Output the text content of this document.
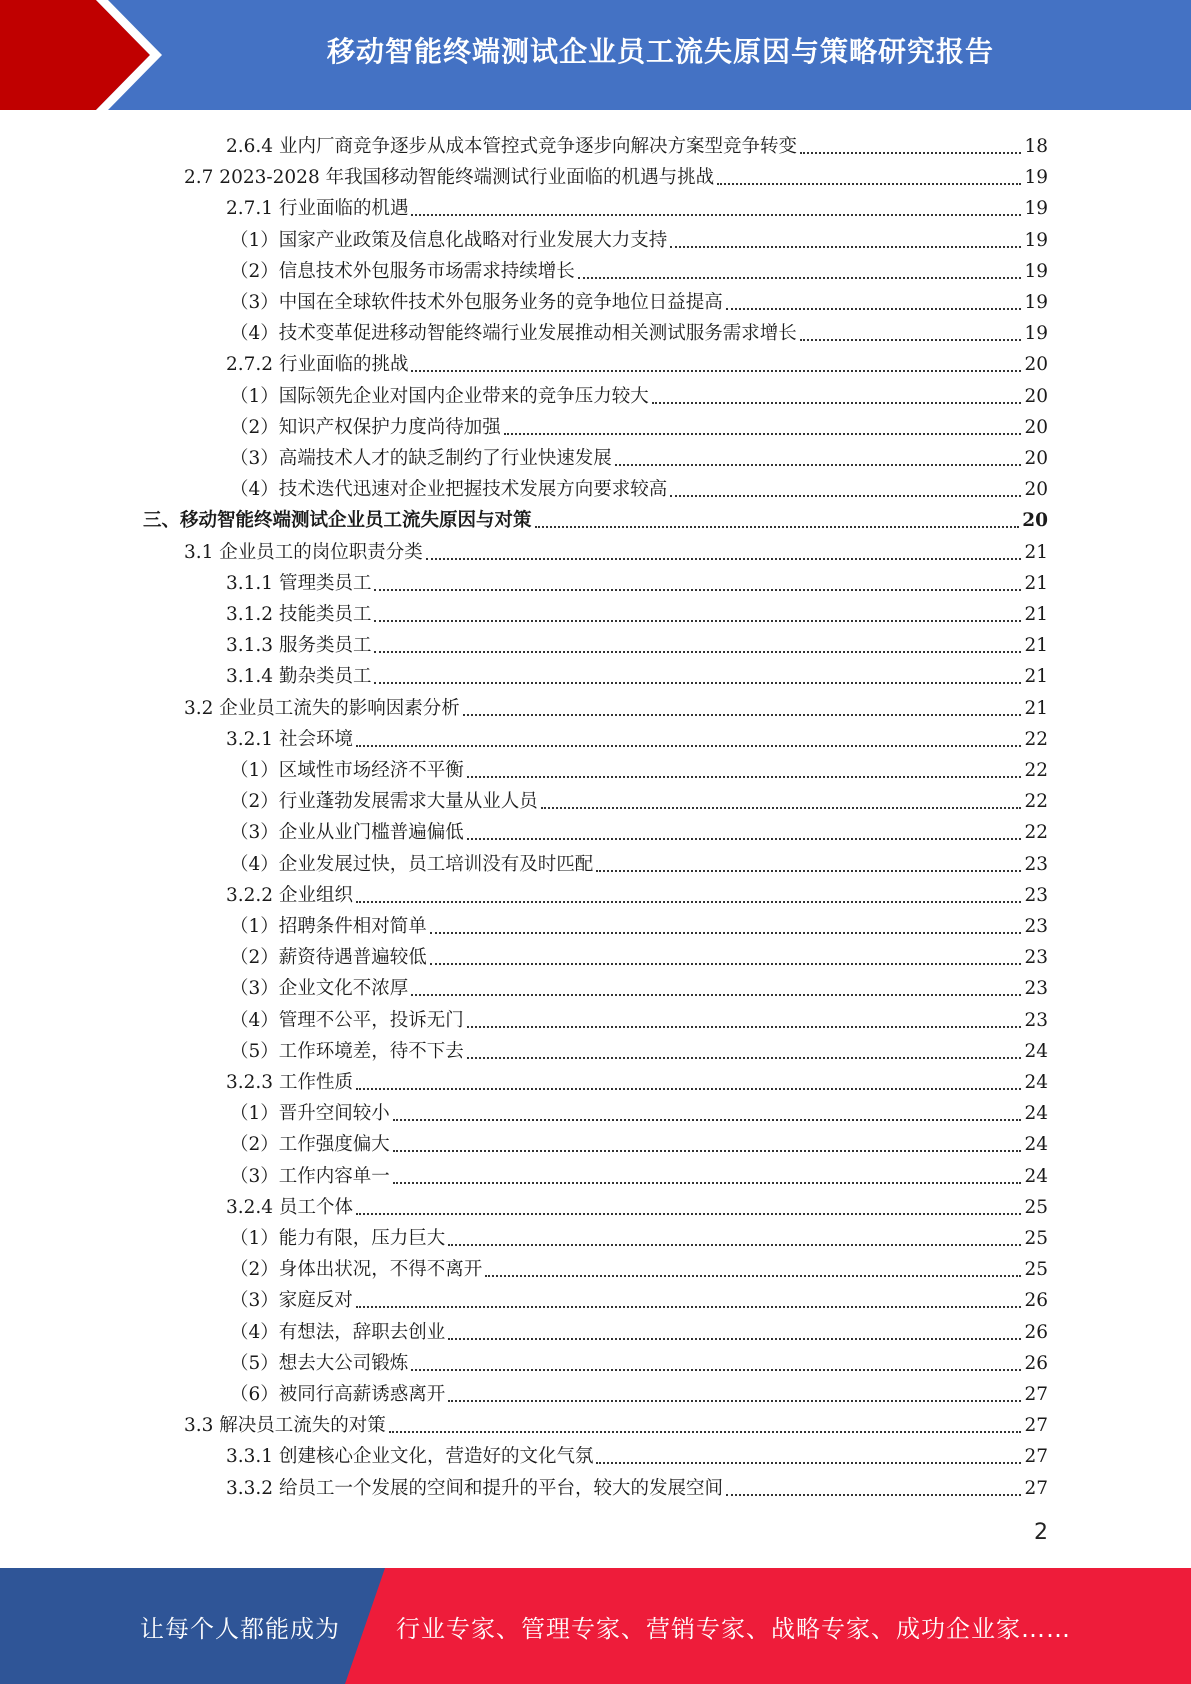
移动智能终端测试企业员工流失原因与策略研究报告
2.6.4 业内厂商竞争逐步从成本管控式竞争逐步向解决方案型竞争转变	18
2.7 2023-2028 年我国移动智能终端测试行业面临的机遇与挑战	19
2.7.1 行业面临的机遇	19
（1）国家产业政策及信息化战略对行业发展大力支持	19
（2）信息技术外包服务市场需求持续增长	19
（3）中国在全球软件技术外包服务业务的竞争地位日益提高	19
（4）技术变革促进移动智能终端行业发展推动相关测试服务需求增长	19
2.7.2 行业面临的挑战	20
（1）国际领先企业对国内企业带来的竞争压力较大	20
（2）知识产权保护力度尚待加强	20
（3）高端技术人才的缺乏制约了行业快速发展	20
（4）技术迭代迅速对企业把握技术发展方向要求较高	20
三、移动智能终端测试企业员工流失原因与对策	20
3.1 企业员工的岗位职责分类	21
3.1.1 管理类员工	21
3.1.2 技能类员工	21
3.1.3 服务类员工	21
3.1.4 勤杂类员工	21
3.2 企业员工流失的影响因素分析	21
3.2.1 社会环境	22
（1）区域性市场经济不平衡	22
（2）行业蓬勃发展需求大量从业人员	22
（3）企业从业门槛普遍偏低	22
（4）企业发展过快，员工培训没有及时匹配	23
3.2.2 企业组织	23
（1）招聘条件相对简单	23
（2）薪资待遇普遍较低	23
（3）企业文化不浓厚	23
（4）管理不公平，投诉无门	23
（5）工作环境差，待不下去	24
3.2.3 工作性质	24
（1）晋升空间较小	24
（2）工作强度偏大	24
（3）工作内容单一	24
3.2.4 员工个体	25
（1）能力有限，压力巨大	25
（2）身体出状况，不得不离开	25
（3）家庭反对	26
（4）有想法，辞职去创业	26
（5）想去大公司锻炼	26
（6）被同行高薪诱惑离开	27
3.3 解决员工流失的对策	27
3.3.1 创建核心企业文化，营造好的文化气氛	27
3.3.2 给员工一个发展的空间和提升的平台，较大的发展空间	27
2
让每个人都能成为 行业专家、管理专家、营销专家、战略专家、成功企业家……
